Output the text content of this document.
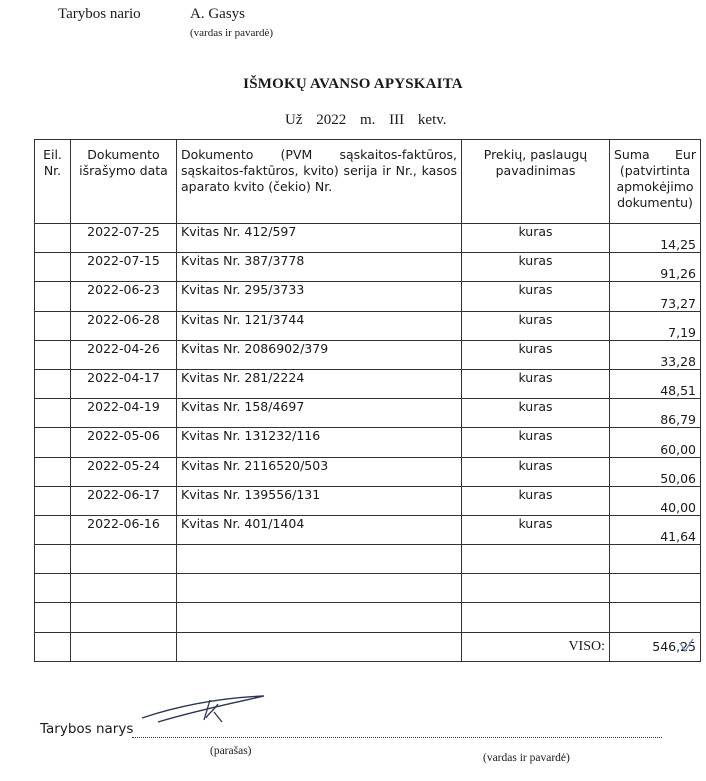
Tarybos nario	A. Gasys
(vardas ir pavardė)
IŠMOKŲ AVANSO APYSKAITA
Už 2022 m. III ketv.
Eil. Nr.	Dokumento išrašymo data	Dokumento (PVM sąskaitos-faktūros, sąskaitos-faktūros, kvito) serija ir Nr., kasos aparato kvito (čekio) Nr.	Prekių, paslaugų pavadinimas	Suma Eur
(patvirtinta apmokėjimo dokumentu)

	2022-07-25	Kvitas Nr. 412/597	kuras	14,25
	2022-07-15	Kvitas Nr. 387/3778	kuras	91,26
	2022-06-23	Kvitas Nr. 295/3733	kuras	73,27
	2022-06-28	Kvitas Nr. 121/3744	kuras	7,19
	2022-04-26	Kvitas Nr. 2086902/379	kuras	33,28
	2022-04-17	Kvitas Nr. 281/2224	kuras	48,51
	2022-04-19	Kvitas Nr. 158/4697	kuras	86,79
	2022-05-06	Kvitas Nr. 131232/116	kuras	60,00
	2022-05-24	Kvitas Nr. 2116520/503	kuras	50,06
	2022-06-17	Kvitas Nr. 139556/131	kuras	40,00
	2022-06-16	Kvitas Nr. 401/1404	kuras	41,64

			VISO:	546,25
Tarybos narys
(parašas)
(vardas ir pavardė)
